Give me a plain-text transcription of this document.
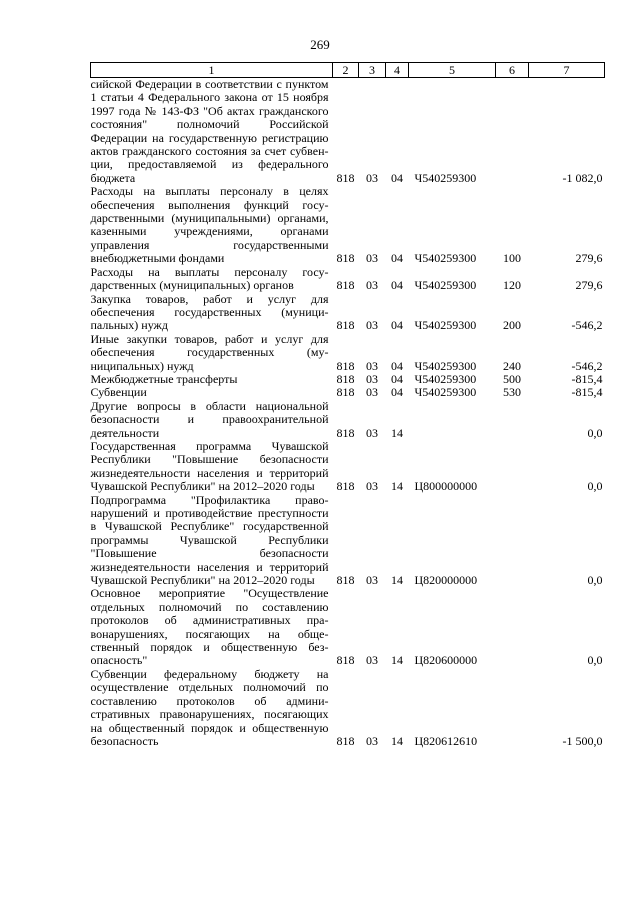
269
1	2	3	4	5	6	7
сийской Федерации в соответствии с пунктом 1 статьи 4 Федерального закона от 15 ноября 1997 года № 143-ФЗ "Об актах гражданского состояния" полномочий Российской Федерации на государственную регистрацию актов гражданского состояния за счет субвенции, предоставляемой из федерального бюджета	818	03	04	Ч540259300		-1 082,0
Расходы на выплаты персоналу в целях обеспечения выполнения функций государственными (муниципальными) органами, казенными учреждениями, органами управления государственными внебюджетными фондами	818	03	04	Ч540259300	100	279,6
Расходы на выплаты персоналу государственных (муниципальных) органов	818	03	04	Ч540259300	120	279,6
Закупка товаров, работ и услуг для обеспечения государственных (муниципальных) нужд	818	03	04	Ч540259300	200	-546,2
Иные закупки товаров, работ и услуг для обеспечения государственных (муниципальных) нужд	818	03	04	Ч540259300	240	-546,2
Межбюджетные трансферты	818	03	04	Ч540259300	500	-815,4
Субвенции	818	03	04	Ч540259300	530	-815,4
Другие вопросы в области национальной безопасности и правоохранительной деятельности	818	03	14			0,0
Государственная программа Чувашской Республики "Повышение безопасности жизнедеятельности населения и территорий Чувашской Республики" на 2012–2020 годы	818	03	14	Ц800000000		0,0
Подпрограмма "Профилактика правонарушений и противодействие преступности в Чувашской Республике" государственной программы Чувашской Республики "Повышение безопасности жизнедеятельности населения и территорий Чувашской Республики" на 2012–2020 годы	818	03	14	Ц820000000		0,0
Основное мероприятие "Осуществление отдельных полномочий по составлению протоколов об административных правонарушениях, посягающих на общественный порядок и общественную безопасность"	818	03	14	Ц820600000		0,0
Субвенции федеральному бюджету на осуществление отдельных полномочий по составлению протоколов об административных правонарушениях, посягающих на общественный порядок и общественную безопасность	818	03	14	Ц820612610		-1 500,0
